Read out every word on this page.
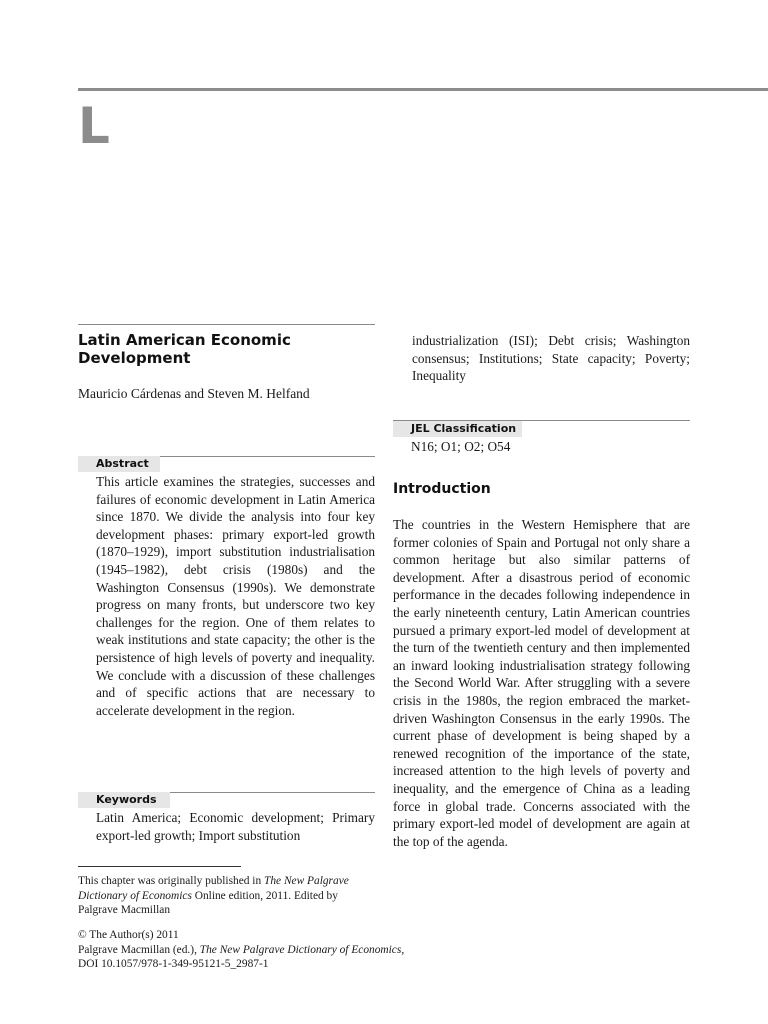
L
Latin American Economic Development
Mauricio Cárdenas and Steven M. Helfand
Abstract

This article examines the strategies, successes and failures of economic development in Latin America since 1870. We divide the analysis into four key development phases: primary export-led growth (1870–1929), import substitution industrialisation (1945–1982), debt crisis (1980s) and the Washington Consensus (1990s). We demonstrate progress on many fronts, but underscore two key challenges for the region. One of them relates to weak institutions and state capacity; the other is the persistence of high levels of poverty and inequality. We conclude with a discussion of these challenges and of specific actions that are necessary to accelerate development in the region.

Keywords

Latin America; Economic development; Primary export-led growth; Import substitution

This chapter was originally published in The New Palgrave Dictionary of Economics Online edition, 2011. Edited by Palgrave Macmillan
© The Author(s) 2011
Palgrave Macmillan (ed.), The New Palgrave Dictionary of Economics,
DOI 10.1057/978-1-349-95121-5_2987-1

industrialization (ISI); Debt crisis; Washington consensus; Institutions; State capacity; Poverty; Inequality

JEL Classification

N16; O1; O2; O54

Introduction

The countries in the Western Hemisphere that are former colonies of Spain and Portugal not only share a common heritage but also similar patterns of development. After a disastrous period of economic performance in the decades following independence in the early nineteenth century, Latin American countries pursued a primary export-led model of development at the turn of the twentieth century and then implemented an inward looking industrialisation strategy following the Second World War. After struggling with a severe crisis in the 1980s, the region embraced the market-driven Washington Consensus in the early 1990s. The current phase of development is being shaped by a renewed recognition of the importance of the state, increased attention to the high levels of poverty and inequality, and the emergence of China as a leading force in global trade. Concerns associated with the primary export-led model of development are again at the top of the agenda.
